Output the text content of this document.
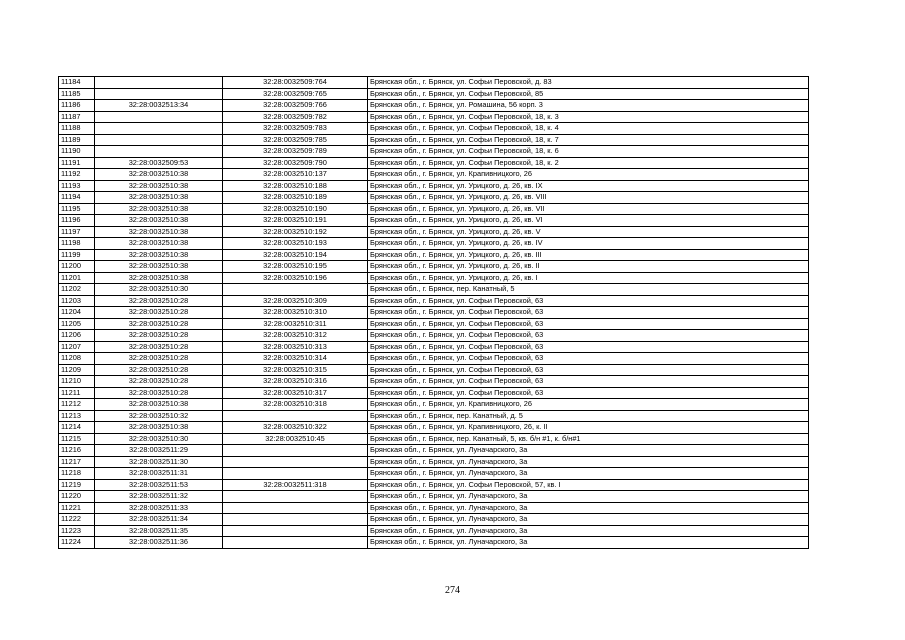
11184		32:28:0032509:764	Брянская обл., г. Брянск, ул. Софьи Перовской, д. 83
11185		32:28:0032509:765	Брянская обл., г. Брянск, ул. Софьи Перовской, 85
11186	32:28:0032513:34	32:28:0032509:766	Брянская обл., г. Брянск, ул. Ромашина, 56 корп. 3
11187		32:28:0032509:782	Брянская обл., г. Брянск, ул. Софьи Перовской, 18, к. 3
11188		32:28:0032509:783	Брянская обл., г. Брянск, ул. Софьи Перовской, 18, к. 4
11189		32:28:0032509:785	Брянская обл., г. Брянск, ул. Софьи Перовской, 18, к. 7
11190		32:28:0032509:789	Брянская обл., г. Брянск, ул. Софьи Перовской, 18, к. 6
11191	32:28:0032509:53	32:28:0032509:790	Брянская обл., г. Брянск, ул. Софьи Перовской, 18, к. 2
11192	32:28:0032510:38	32:28:0032510:137	Брянская обл., г. Брянск, ул. Крапивницкого, 26
11193	32:28:0032510:38	32:28:0032510:188	Брянская обл., г. Брянск, ул. Урицкого, д. 26, кв. IX
11194	32:28:0032510:38	32:28:0032510:189	Брянская обл., г. Брянск, ул. Урицкого, д. 26, кв. VIII
11195	32:28:0032510:38	32:28:0032510:190	Брянская обл., г. Брянск, ул. Урицкого, д. 26, кв. VII
11196	32:28:0032510:38	32:28:0032510:191	Брянская обл., г. Брянск, ул. Урицкого, д. 26, кв. VI
11197	32:28:0032510:38	32:28:0032510:192	Брянская обл., г. Брянск, ул. Урицкого, д. 26, кв. V
11198	32:28:0032510:38	32:28:0032510:193	Брянская обл., г. Брянск, ул. Урицкого, д. 26, кв. IV
11199	32:28:0032510:38	32:28:0032510:194	Брянская обл., г. Брянск, ул. Урицкого, д. 26, кв. III
11200	32:28:0032510:38	32:28:0032510:195	Брянская обл., г. Брянск, ул. Урицкого, д. 26, кв. II
11201	32:28:0032510:38	32:28:0032510:196	Брянская обл., г. Брянск, ул. Урицкого, д. 26, кв. I
11202	32:28:0032510:30		Брянская обл., г. Брянск, пер. Канатный, 5
11203	32:28:0032510:28	32:28:0032510:309	Брянская обл., г. Брянск, ул. Софьи Перовской, 63
11204	32:28:0032510:28	32:28:0032510:310	Брянская обл., г. Брянск, ул. Софьи Перовской, 63
11205	32:28:0032510:28	32:28:0032510:311	Брянская обл., г. Брянск, ул. Софьи Перовской, 63
11206	32:28:0032510:28	32:28:0032510:312	Брянская обл., г. Брянск, ул. Софьи Перовской, 63
11207	32:28:0032510:28	32:28:0032510:313	Брянская обл., г. Брянск, ул. Софьи Перовской, 63
11208	32:28:0032510:28	32:28:0032510:314	Брянская обл., г. Брянск, ул. Софьи Перовской, 63
11209	32:28:0032510:28	32:28:0032510:315	Брянская обл., г. Брянск, ул. Софьи Перовской, 63
11210	32:28:0032510:28	32:28:0032510:316	Брянская обл., г. Брянск, ул. Софьи Перовской, 63
11211	32:28:0032510:28	32:28:0032510:317	Брянская обл., г. Брянск, ул. Софьи Перовской, 63
11212	32:28:0032510:38	32:28:0032510:318	Брянская обл., г. Брянск, ул. Крапивницкого, 26
11213	32:28:0032510:32		Брянская обл., г. Брянск, пер. Канатный, д. 5
11214	32:28:0032510:38	32:28:0032510:322	Брянская обл., г. Брянск, ул. Крапивницкого, 26, к. II
11215	32:28:0032510:30	32:28:0032510:45	Брянская обл., г. Брянск, пер. Канатный, 5, кв. б/н #1, к. б/н#1
11216	32:28:0032511:29		Брянская обл., г. Брянск, ул. Луначарского, 3а
11217	32:28:0032511:30		Брянская обл., г. Брянск, ул. Луначарского, 3а
11218	32:28:0032511:31		Брянская обл., г. Брянск, ул. Луначарского, 3а
11219	32:28:0032511:53	32:28:0032511:318	Брянская обл., г. Брянск, ул. Софьи Перовской, 57, кв. I
11220	32:28:0032511:32		Брянская обл., г. Брянск, ул. Луначарского, 3а
11221	32:28:0032511:33		Брянская обл., г. Брянск, ул. Луначарского, 3а
11222	32:28:0032511:34		Брянская обл., г. Брянск, ул. Луначарского, 3а
11223	32:28:0032511:35		Брянская обл., г. Брянск, ул. Луначарского, 3а
11224	32:28:0032511:36		Брянская обл., г. Брянск, ул. Луначарского, 3а
274
